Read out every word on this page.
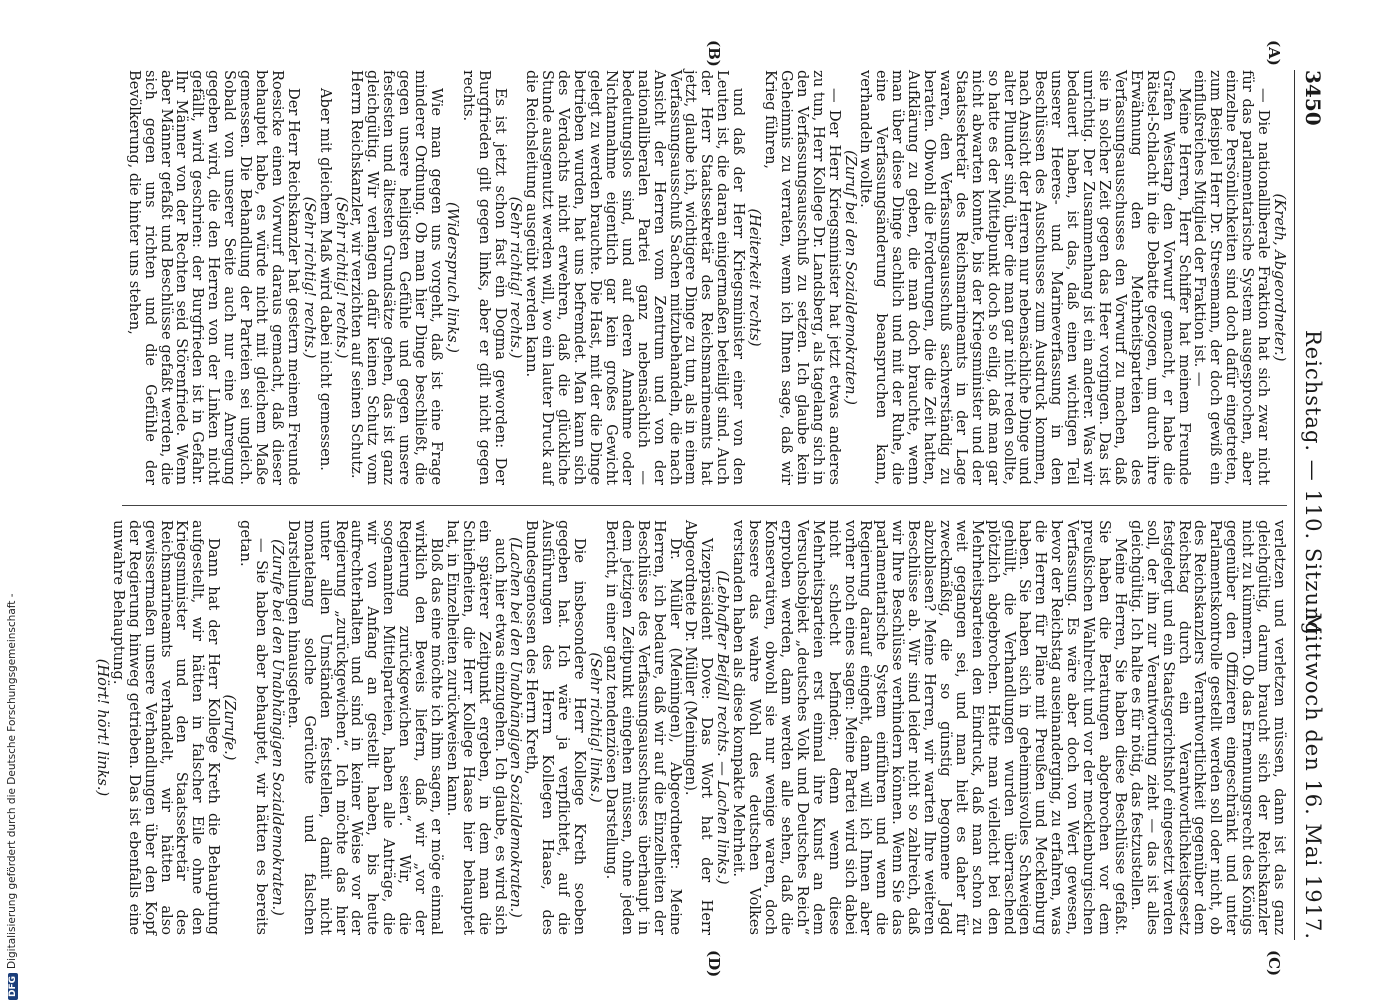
3450
Reichstag. — 110. Sitzung.
Mittwoch den 16. Mai 1917.
(A)
(B)
(C)
(D)

(Kreth, Abgeordneter.)

— Die nationalliberale Fraktion hat sich zwar nicht für das parlamentarische System ausgesprochen, aber einzelne Persönlichkeiten sind doch dafür eingetreten, zum Beispiel Herr Dr. Stresemann, der doch gewiß ein einflußreiches Mitglied der Fraktion ist. —

Meine Herren, Herr Schiffer hat meinem Freunde Grafen Westarp den Vorwurf gemacht, er habe die Rätsel-Schlacht in die Debatte gezogen, um durch ihre Erwähnung den Mehrheitsparteien des Verfassungsausschusses den Vorwurf zu machen, daß sie in solcher Zeit gegen das Heer vorgingen. Das ist unrichtig. Der Zusammenhang ist ein anderer. Was wir bedauert haben, ist das, daß einen wichtigen Teil unserer Heeres- und Marineverfassung in den Beschlüssen des Ausschusses zum Ausdruck kommen, nach Ansicht der Herren nur nebensächliche Dinge und alter Plunder sind, über die man gar nicht reden sollte, so hatte es der Mittelpunkt doch so eilig, daß man gar nicht abwarten konnte, bis der Kriegsminister und der Staatssekretär des Reichsmarineamts in der Lage waren, den Verfassungsausschuß sachverständig zu beraten. Obwohl die Forderungen, die die Zeit hatten, Aufklärung zu geben, die man doch brauchte, wenn man über diese Dinge sachlich und mit der Ruhe, die eine Verfassungsänderung beanspruchen kann, verhandeln wollte.

(Zuruf bei den Sozialdemokraten.)

— Der Herr Kriegsminister hat jetzt etwas anderes zu tun, Herr Kollege Dr. Landsberg, als tagelang sich in den Verfassungsausschuß zu setzen. Ich glaube kein Geheimnis zu verraten, wenn ich Ihnen sage, daß wir Krieg führen,

(Heiterkeit rechts)

und daß der Herr Kriegsminister einer von den Leuten ist, die daran einigermaßen beteiligt sind. Auch der Herr Staatssekretär des Reichsmarineamts hat jetzt, glaube ich, wichtigere Dinge zu tun, als in einem Verfassungsausschuß Sachen mitzubehandeln, die nach Ansicht der Herren vom Zentrum und von der nationalliberalen Partei ganz nebensächlich — bedeutungslos sind, und auf deren Annahme oder Nichtannahme eigentlich gar kein großes Gewicht gelegt zu werden brauchte. Die Hast, mit der die Dinge betrieben wurden, hat uns befremdet. Man kann sich des Verdachts nicht erwehren, daß die glückliche Stunde ausgenutzt werden will, wo ein lauter Druck auf die Reichsleitung ausgeübt werden kann.

(Sehr richtig! rechts.)

Es ist jetzt schon fast ein Dogma geworden: Der Burgfrieden gilt gegen links, aber er gilt nicht gegen rechts.

(Widerspruch links.)

Wie man gegen uns vorgeht, daß ist eine Frage minderer Ordnung. Ob man hier Dinge beschließt, die gegen unsere heiligsten Gefühle und gegen unsere festesten und ältesten Grundsätze gehen, das ist ganz gleichgültig. Wir verlangen dafür keinen Schutz vom Herrn Reichskanzler, wir verzichten auf seinen Schutz.

(Sehr richtig! rechts.)

Aber mit gleichem Maß wird dabei nicht gemessen.

(Sehr richtig! rechts.)

Der Herr Reichskanzler hat gestern meinem Freunde Roesicke einen Vorwurf daraus gemacht, daß dieser behauptet habe, es würde nicht mit gleichem Maße gemessen. Die Behandlung der Parteien sei ungleich. Sobald von unserer Seite auch nur eine Anregung gegeben wird, die den Herren von der Linken nicht gefällt, wird geschrien: der Burgfrieden ist in Gefahr. Ihr Männer von der Rechten seid Störenfriede. Wenn aber Männer gefaßt und Beschlüsse gefaßt werden, die sich gegen uns richten und die Gefühle der Bevölkerung, die hinter uns stehen,

verletzen und verletzen müssen, dann ist das ganz gleichgültig, darum braucht sich der Reichskanzler nicht zu kümmern. Ob das Ernennungsrecht des Königs gegenüber den Offizieren eingeschränkt und unter Parlamentskontrolle gestellt werden soll oder nicht, ob des Reichskanzlers Verantwortlichkeit gegenüber dem Reichstag durch ein Verantwortlichkeitsgesetz festgelegt und ein Staatsgerichtshof eingesetzt werden soll, der ihn zur Verantwortung zieht — das ist alles gleichgültig. Ich halte es für nötig, das festzustellen.

Meine Herren, Sie haben diese Beschlüsse gefaßt. Sie haben die Beratungen abgebrochen vor dem preußischen Wahlrecht und vor der mecklenburgischen Verfassung. Es wäre aber doch von Wert gewesen, bevor der Reichstag auseinanderging, zu erfahren, was die Herren für Pläne mit Preußen und Mecklenburg haben. Sie haben sich in geheimnisvolles Schweigen gehüllt, die Verhandlungen wurden überraschend plötzlich abgebrochen. Hatte man vielleicht bei den Mehrheitsparteien den Eindruck, daß man schon zu weit gegangen sei, und man hielt es daher für zweckmäßig, die so günstig begonnene Jagd abzublasen? Meine Herren, wir warten Ihre weiteren Beschlüsse ab. Wir sind leider nicht so zahlreich, daß wir Ihre Beschlüsse verhindern können. Wenn Sie das parlamentarische System einführen und wenn die Regierung darauf eingeht, dann will ich Ihnen aber vorher noch eines sagen: Meine Partei wird sich dabei nicht schlecht befinden; denn wenn diese Mehrheitsparteien erst einmal ihre Kunst an dem Versuchsobjekt „deutsches Volk und Deutsches Reich“ erproben werden, dann werden alle sehen, daß die Konservativen, obwohl sie nur wenige waren, doch bessere das wahre Wohl des deutschen Volkes verstanden haben als diese kompakte Mehrheit.

(Lebhafter Beifall rechts. — Lachen links.)

Vizepräsident Dove: Das Wort hat der Herr Abgeordnete Dr. Müller (Meiningen).

Dr. Müller (Meiningen), Abgeordneter: Meine Herren, ich bedaure, daß wir auf die Einzelheiten der Beschlüsse des Verfassungsausschusses überhaupt in dem jetzigen Zeitpunkt eingehen müssen, ohne jeden Bericht, in einer ganz tendenziösen Darstellung.

(Sehr richtig! links.)

Die insbesondere Herr Kollege Kreth soeben gegeben hat. Ich wäre ja verpflichtet, auf die Ausführungen des Herrn Kollegen Haase, des Bundesgenossen des Herrn Kreth,

(Lachen bei den Unabhängigen Sozialdemokraten.)

auch hier etwas einzugehen. Ich glaube, es wird sich ein späterer Zeitpunkt ergeben, in dem man die Schiefheiten, die Herr Kollege Haase hier behauptet hat, in Einzelheiten zurückweisen kann.

Bloß das eine möchte ich ihm sagen, er möge einmal wirklich den Beweis liefern, daß wir „vor der Regierung zurückgewichen seien“. Wir, die sogenannten Mittelparteien, haben alle Anträge, die wir von Anfang an gestellt haben, bis heute aufrechterhalten und sind in keiner Weise vor der Regierung „zurückgewichen“. Ich möchte das hier unter allen Umständen feststellen, damit nicht monatelang solche Gerüchte und falschen Darstellungen hinausgehen.

(Zurufe bei den Unabhängigen Sozialdemokraten.)

— Sie haben aber behauptet, wir hätten es bereits getan.

(Zurufe.)

Dann hat der Herr Kollege Kreth die Behauptung aufgestellt, wir hätten in falscher Eile ohne den Kriegsminister und den Staatssekretär des Reichsmarineamts verhandelt, wir hätten also gewissermaßen unsere Verhandlungen über den Kopf der Regierung hinweg getrieben. Das ist ebenfalls eine unwahre Behauptung.

(Hört! hört! links.)

DFGDigitalisierung gefördert durch die Deutsche Forschungsgemeinschaft -
